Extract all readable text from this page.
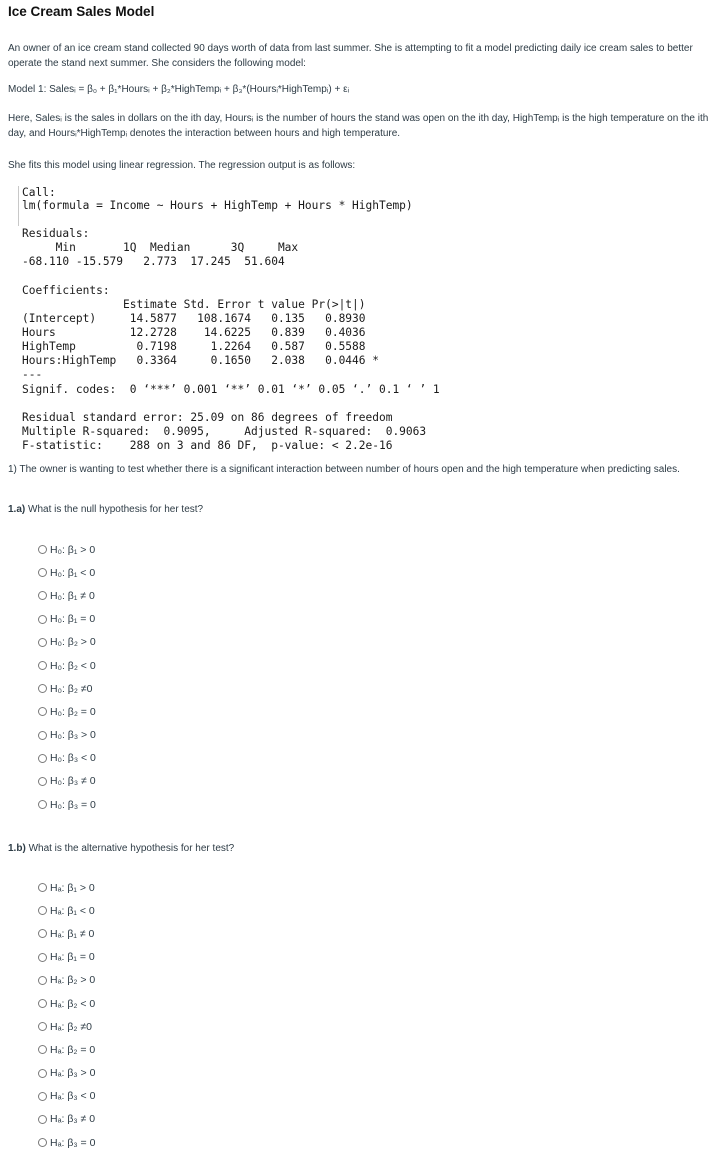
Ice Cream Sales Model
An owner of an ice cream stand collected 90 days worth of data from last summer. She is attempting to fit a model predicting daily ice cream sales to better operate the stand next summer. She considers the following model:
Model 1: Salesᵢ = β₀ + β₁*Hoursᵢ + β₂*HighTempᵢ + β₃*(Hoursᵢ*HighTempᵢ) + εᵢ
Here, Salesᵢ is the sales in dollars on the ith day, Hoursᵢ is the number of hours the stand was open on the ith day, HighTempᵢ is the high temperature on the ith day, and Hoursᵢ*HighTempᵢ denotes the interaction between hours and high temperature.
She fits this model using linear regression. The regression output is as follows:
Call:
lm(formula = Income ~ Hours + HighTemp + Hours * HighTemp)
Residuals:
Min       1Q  Median      3Q     Max
-68.110 -15.579   2.773  17.245  51.604
Coefficients:
Estimate Std. Error t value Pr(>|t|)
(Intercept)     14.5877   108.1674   0.135   0.8930
Hours           12.2728    14.6225   0.839   0.4036
HighTemp         0.7198     1.2264   0.587   0.5588
Hours:HighTemp   0.3364     0.1650   2.038   0.0446 *
---
Signif. codes:  0 ‘***’ 0.001 ‘**’ 0.01 ‘*’ 0.05 ‘.’ 0.1 ‘ ’ 1
Residual standard error: 25.09 on 86 degrees of freedom
Multiple R-squared:  0.9095,     Adjusted R-squared:  0.9063
F-statistic:    288 on 3 and 86 DF,  p-value: < 2.2e-16
1) The owner is wanting to test whether there is a significant interaction between number of hours open and the high temperature when predicting sales.
1.a) What is the null hypothesis for her test?
H₀: β₁ > 0
H₀: β₁ < 0
H₀: β₁ ≠ 0
H₀: β₁ = 0
H₀: β₂ > 0
H₀: β₂ < 0
H₀: β₂ ≠0
H₀: β₂ = 0
H₀: β₃ > 0
H₀: β₃ < 0
H₀: β₃ ≠ 0
H₀: β₃ = 0
1.b) What is the alternative hypothesis for her test?
Hₐ: β₁ > 0
Hₐ: β₁ < 0
Hₐ: β₁ ≠ 0
Hₐ: β₁ = 0
Hₐ: β₂ > 0
Hₐ: β₂ < 0
Hₐ: β₂ ≠0
Hₐ: β₂ = 0
Hₐ: β₃ > 0
Hₐ: β₃ < 0
Hₐ: β₃ ≠ 0
Hₐ: β₃ = 0
